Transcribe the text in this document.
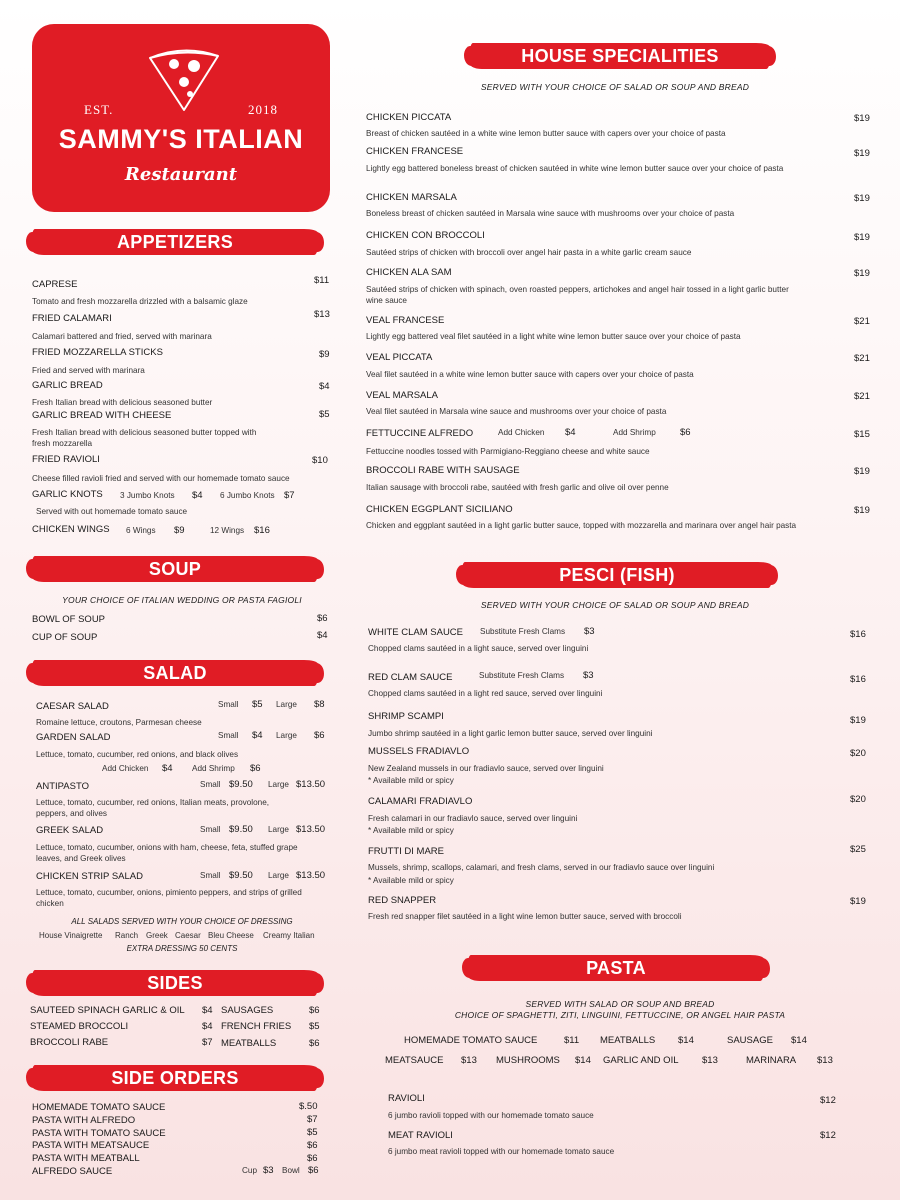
EST.	2018
SAMMY'S ITALIAN
Restaurant
APPETIZERS
CAPRESE	$11
Tomato and fresh mozzarella drizzled with a balsamic glaze
FRIED CALAMARI	$13
Calamari battered and fried, served with marinara
FRIED MOZZARELLA STICKS	$9
Fried and served with marinara
GARLIC BREAD	$4
Fresh Italian bread with delicious seasoned butter
GARLIC BREAD WITH CHEESE	$5
Fresh Italian bread with delicious seasoned butter topped with fresh mozzarella
FRIED RAVIOLI	$10
Cheese filled ravioli fried and served with our homemade tomato sauce
GARLIC KNOTS 3 Jumbo Knots $4 6 Jumbo Knots $7
Served with out homemade tomato sauce
CHICKEN WINGS 6 Wings $9	12 Wings $16
SOUP
YOUR CHOICE OF ITALIAN WEDDING OR PASTA FAGIOLI
BOWL OF SOUP	$6
CUP OF SOUP	$4
SALAD
CAESAR SALAD	Small $5 Large $8
Romaine lettuce, croutons, Parmesan cheese
GARDEN SALAD	Small $4 Large $6
Lettuce, tomato, cucumber, red onions, and black olives
Add Chicken $4 Add Shrimp $6
ANTIPASTO	Small $9.50 Large $13.50
Lettuce, tomato, cucumber, red onions, Italian meats, provolone, peppers, and olives
GREEK SALAD	Small $9.50 Large $13.50
Lettuce, tomato, cucumber, onions with ham, cheese, feta, stuffed grape leaves, and Greek olives
CHICKEN STRIP SALAD	Small $9.50 Large $13.50
Lettuce, tomato, cucumber, onions, pimiento peppers, and strips of grilled chicken
ALL SALADS SERVED WITH YOUR CHOICE OF DRESSING
House Vinaigrette Ranch Greek Caesar Bleu Cheese Creamy Italian
EXTRA DRESSING 50 CENTS
SIDES
SAUTEED SPINACH GARLIC & OIL $4
STEAMED BROCCOLI	$4
BROCCOLI RABE	$7
SAUSAGES	$6
FRENCH FRIES $5
MEATBALLS	$6
SIDE ORDERS
HOMEMADE TOMATO SAUCE	$.50
PASTA WITH ALFREDO	$7
PASTA WITH TOMATO SAUCE	$5
PASTA WITH MEATSAUCE	$6
PASTA WITH MEATBALL	$6
ALFREDO SAUCE	Cup $3 Bowl $6
HOUSE SPECIALITIES
SERVED WITH YOUR CHOICE OF SALAD OR SOUP AND BREAD
CHICKEN PICCATA	$19
Breast of chicken sautéed in a white wine lemon butter sauce with capers over your choice of pasta
CHICKEN FRANCESE	$19
Lightly egg battered boneless breast of chicken sautéed in white wine lemon butter sauce over your choice of pasta
CHICKEN MARSALA	$19
Boneless breast of chicken sautéed in Marsala wine sauce with mushrooms over your choice of pasta
CHICKEN CON BROCCOLI	$19
Sautéed strips of chicken with broccoli over angel hair pasta in a white garlic cream sauce
CHICKEN ALA SAM	$19
Sautéed strips of chicken with spinach, oven roasted peppers, artichokes and angel hair tossed in a light garlic butter wine sauce
VEAL FRANCESE	$21
Lightly egg battered veal filet sautéed in a light white wine lemon butter sauce over your choice of pasta
VEAL PICCATA	$21
Veal filet sautéed in a white wine lemon butter sauce with capers over your choice of pasta
VEAL MARSALA	$21
Veal filet sautéed in Marsala wine sauce and mushrooms over your choice of pasta
FETTUCCINE ALFREDO	Add Chicken $4	Add Shrimp	$6	$15
Fettuccine noodles tossed with Parmigiano-Reggiano cheese and white sauce
BROCCOLI RABE WITH SAUSAGE	$19
Italian sausage with broccoli rabe, sautéed with fresh garlic and olive oil over penne
CHICKEN EGGPLANT SICILIANO	$19
Chicken and eggplant sautéed in a light garlic butter sauce, topped with mozzarella and marinara over angel hair pasta
PESCI (FISH)
SERVED WITH YOUR CHOICE OF SALAD OR SOUP AND BREAD
WHITE CLAM SAUCE Substitute Fresh Clams $3	$16
Chopped clams sautéed in a light sauce, served over linguini
RED CLAM SAUCE	Substitute Fresh Clams $3	$16
Chopped clams sautéed in a light red sauce, served over linguini
SHRIMP SCAMPI	$19
Jumbo shrimp sautéed in a light garlic lemon butter sauce, served over linguini
MUSSELS FRADIAVLO	$20
New Zealand mussels in our fradiavlo sauce, served over linguini
* Available mild or spicy
CALAMARI FRADIAVLO	$20
Fresh calamari in our fradiavlo sauce, served over linguini
* Available mild or spicy
FRUTTI DI MARE	$25
Mussels, shrimp, scallops, calamari, and fresh clams, served in our fradiavlo sauce over linguini
* Available mild or spicy
RED SNAPPER	$19
Fresh red snapper filet sautéed in a light wine lemon butter sauce, served with broccoli
PASTA
SERVED WITH SALAD OR SOUP AND BREAD
CHOICE OF SPAGHETTI, ZITI, LINGUINI, FETTUCCINE, OR ANGEL HAIR PASTA
HOMEMADE TOMATO SAUCE	$11 MEATBALLS $14	SAUSAGE $14
MEATSAUCE $13 MUSHROOMS $14 GARLIC AND OIL $13	MARINARA $13
RAVIOLI	$12
6 jumbo ravioli topped with our homemade tomato sauce
MEAT RAVIOLI	$12
6 jumbo meat ravioli topped with our homemade tomato sauce
